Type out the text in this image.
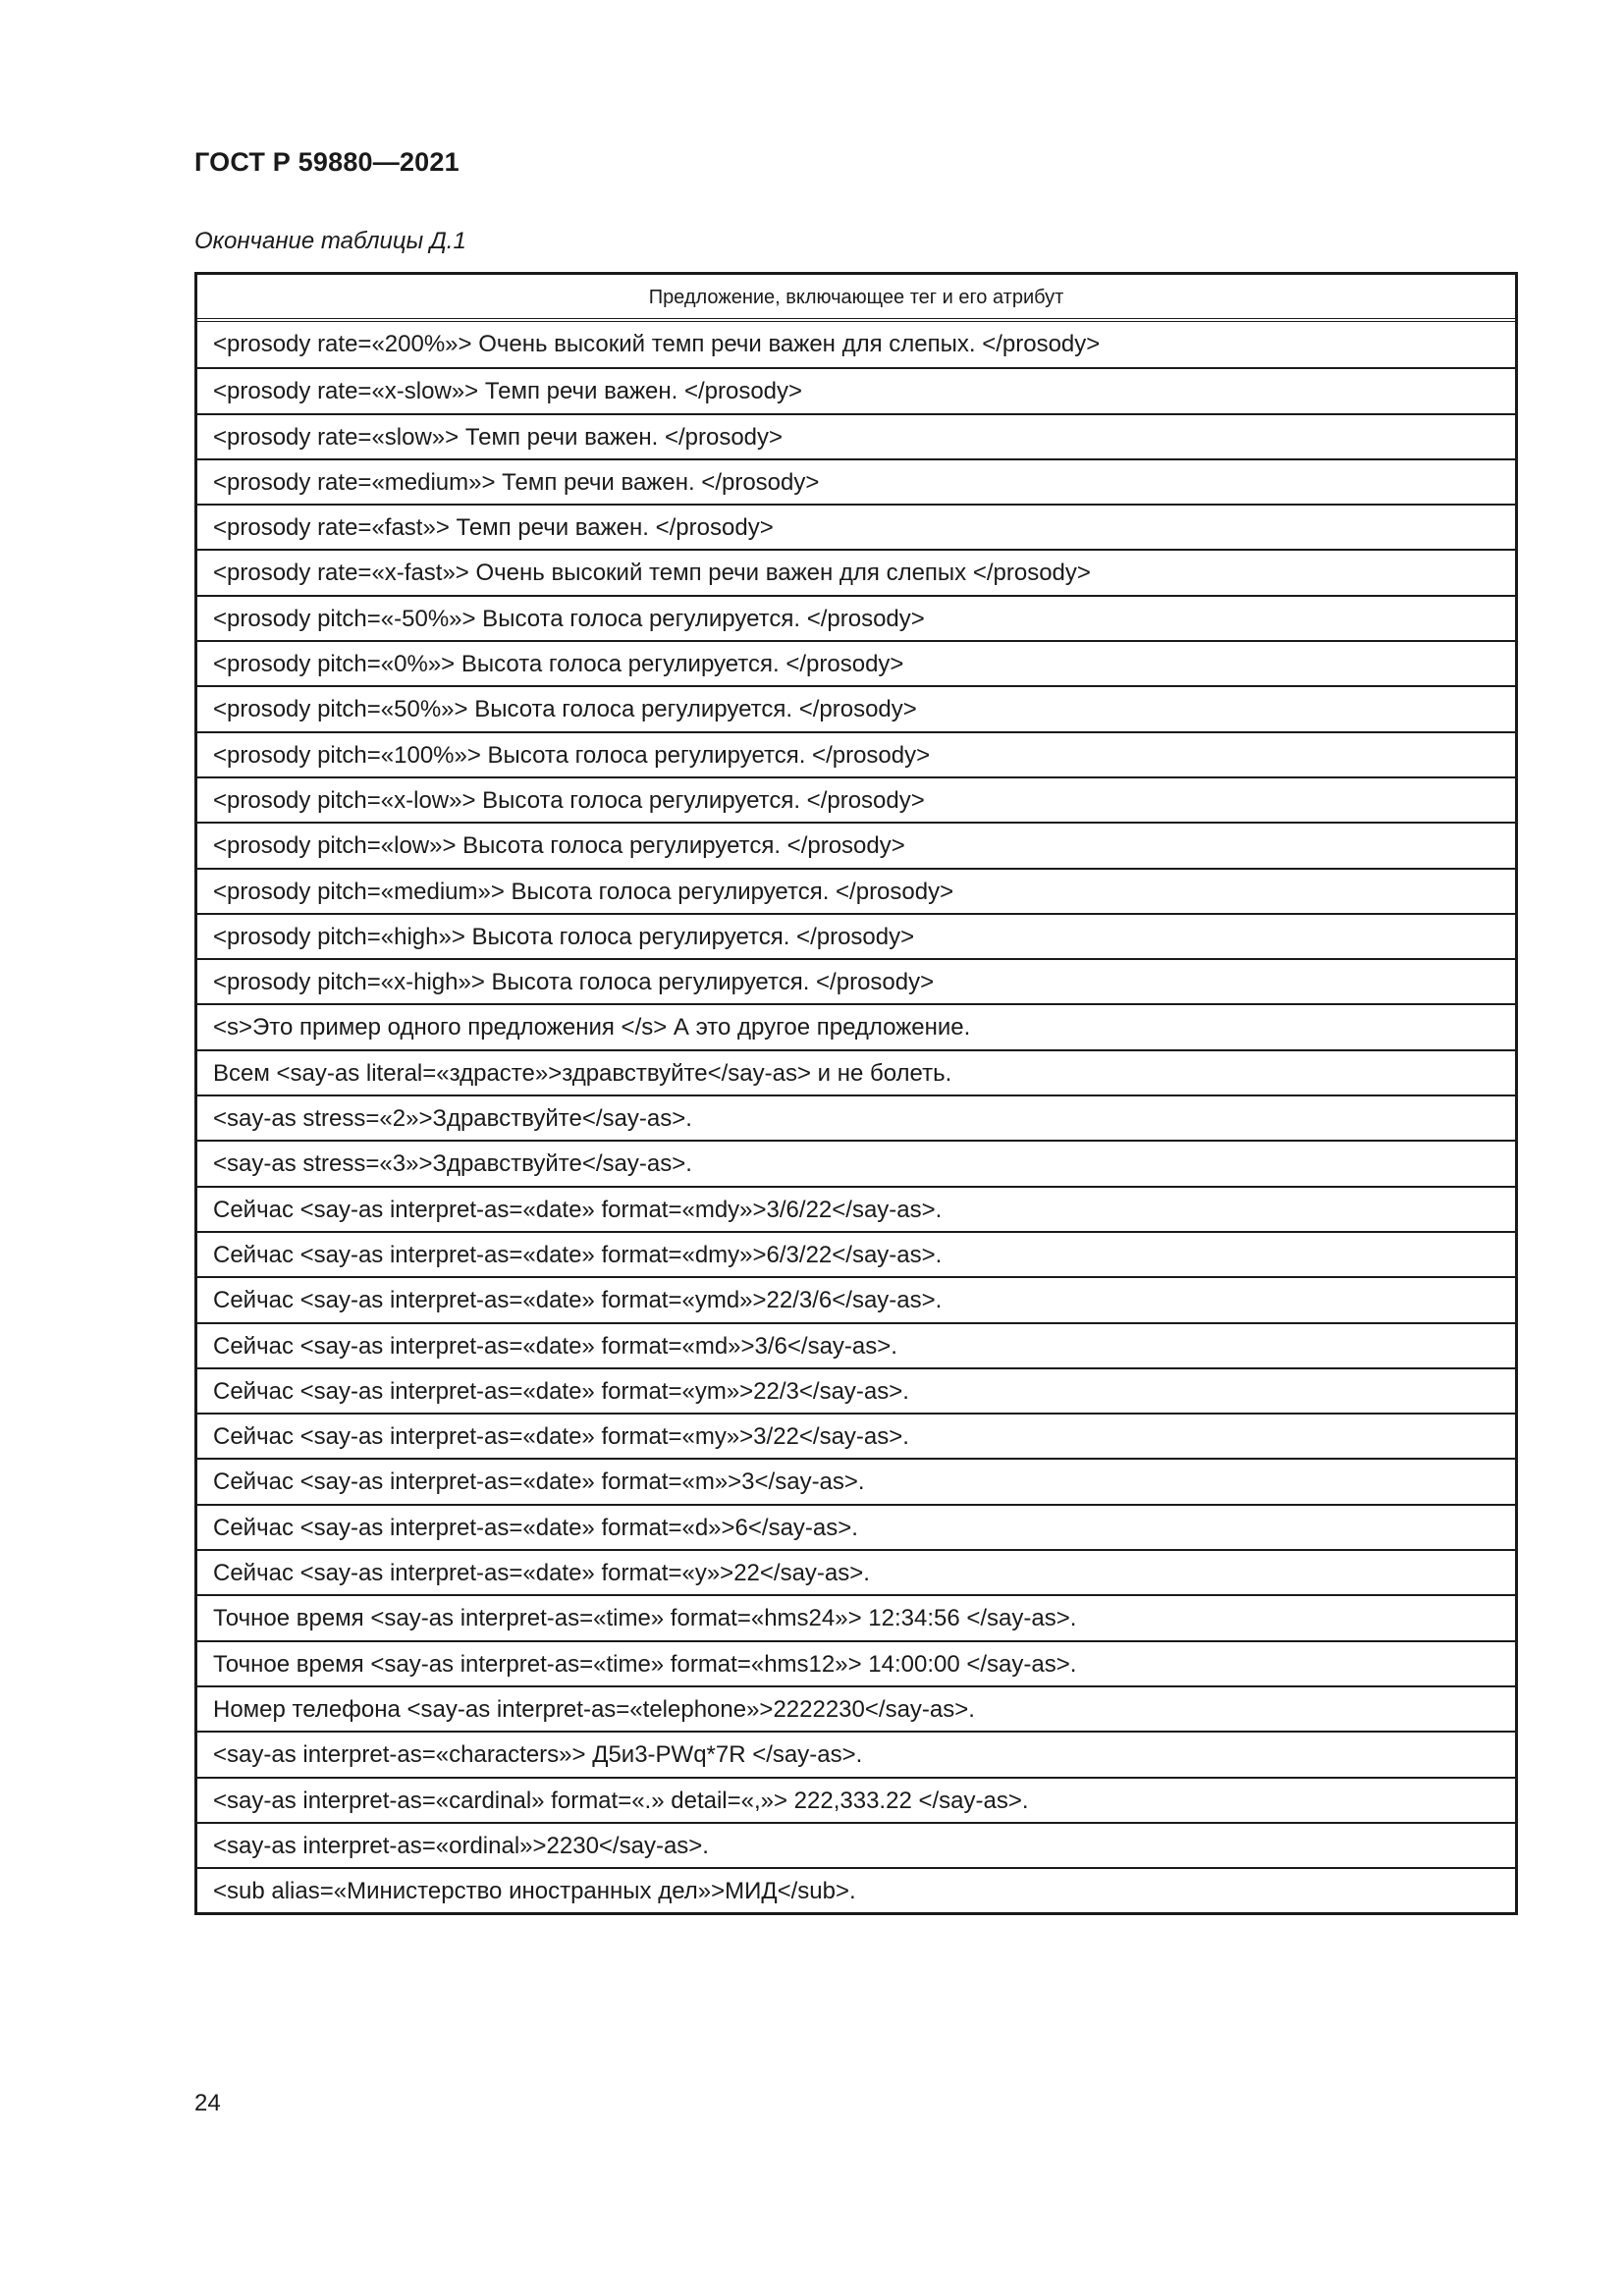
ГОСТ Р 59880—2021
Окончание таблицы Д.1
Предложение, включающее тег и его атрибут
<prosody rate=«200%»> Очень высокий темп речи важен для слепых. </prosody>
<prosody rate=«x-slow»> Темп речи важен. </prosody>
<prosody rate=«slow»> Темп речи важен. </prosody>
<prosody rate=«medium»> Темп речи важен. </prosody>
<prosody rate=«fast»> Темп речи важен. </prosody>
<prosody rate=«x-fast»> Очень высокий темп речи важен для слепых </prosody>
<prosody pitch=«-50%»> Высота голоса регулируется. </prosody>
<prosody pitch=«0%»> Высота голоса регулируется. </prosody>
<prosody pitch=«50%»> Высота голоса регулируется. </prosody>
<prosody pitch=«100%»> Высота голоса регулируется. </prosody>
<prosody pitch=«x-low»> Высота голоса регулируется. </prosody>
<prosody pitch=«low»> Высота голоса регулируется. </prosody>
<prosody pitch=«medium»> Высота голоса регулируется. </prosody>
<prosody pitch=«high»> Высота голоса регулируется. </prosody>
<prosody pitch=«x-high»> Высота голоса регулируется. </prosody>
<s>Это пример одного предложения </s> А это другое предложение.
Всем <say-as literal=«здрасте»>здравствуйте</say-as> и не болеть.
<say-as stress=«2»>Здравствуйте</say-as>.
<say-as stress=«3»>Здравствуйте</say-as>.
Сейчас <say-as interpret-as=«date» format=«mdy»>3/6/22</say-as>.
Сейчас <say-as interpret-as=«date» format=«dmy»>6/3/22</say-as>.
Сейчас <say-as interpret-as=«date» format=«ymd»>22/3/6</say-as>.
Сейчас <say-as interpret-as=«date» format=«md»>3/6</say-as>.
Сейчас <say-as interpret-as=«date» format=«ym»>22/3</say-as>.
Сейчас <say-as interpret-as=«date» format=«my»>3/22</say-as>.
Сейчас <say-as interpret-as=«date» format=«m»>3</say-as>.
Сейчас <say-as interpret-as=«date» format=«d»>6</say-as>.
Сейчас <say-as interpret-as=«date» format=«y»>22</say-as>.
Точное время <say-as interpret-as=«time» format=«hms24»> 12:34:56 </say-as>.
Точное время <say-as interpret-as=«time» format=«hms12»> 14:00:00 </say-as>.
Номер телефона <say-as interpret-as=«telephone»>2222230</say-as>.
<say-as interpret-as=«characters»> Д5и3-PWq*7R </say-as>.
<say-as interpret-as=«cardinal» format=«.» detail=«,»> 222,333.22 </say-as>.
<say-as interpret-as=«ordinal»>2230</say-as>.
<sub alias=«Министерство иностранных дел»>МИД</sub>.
24
